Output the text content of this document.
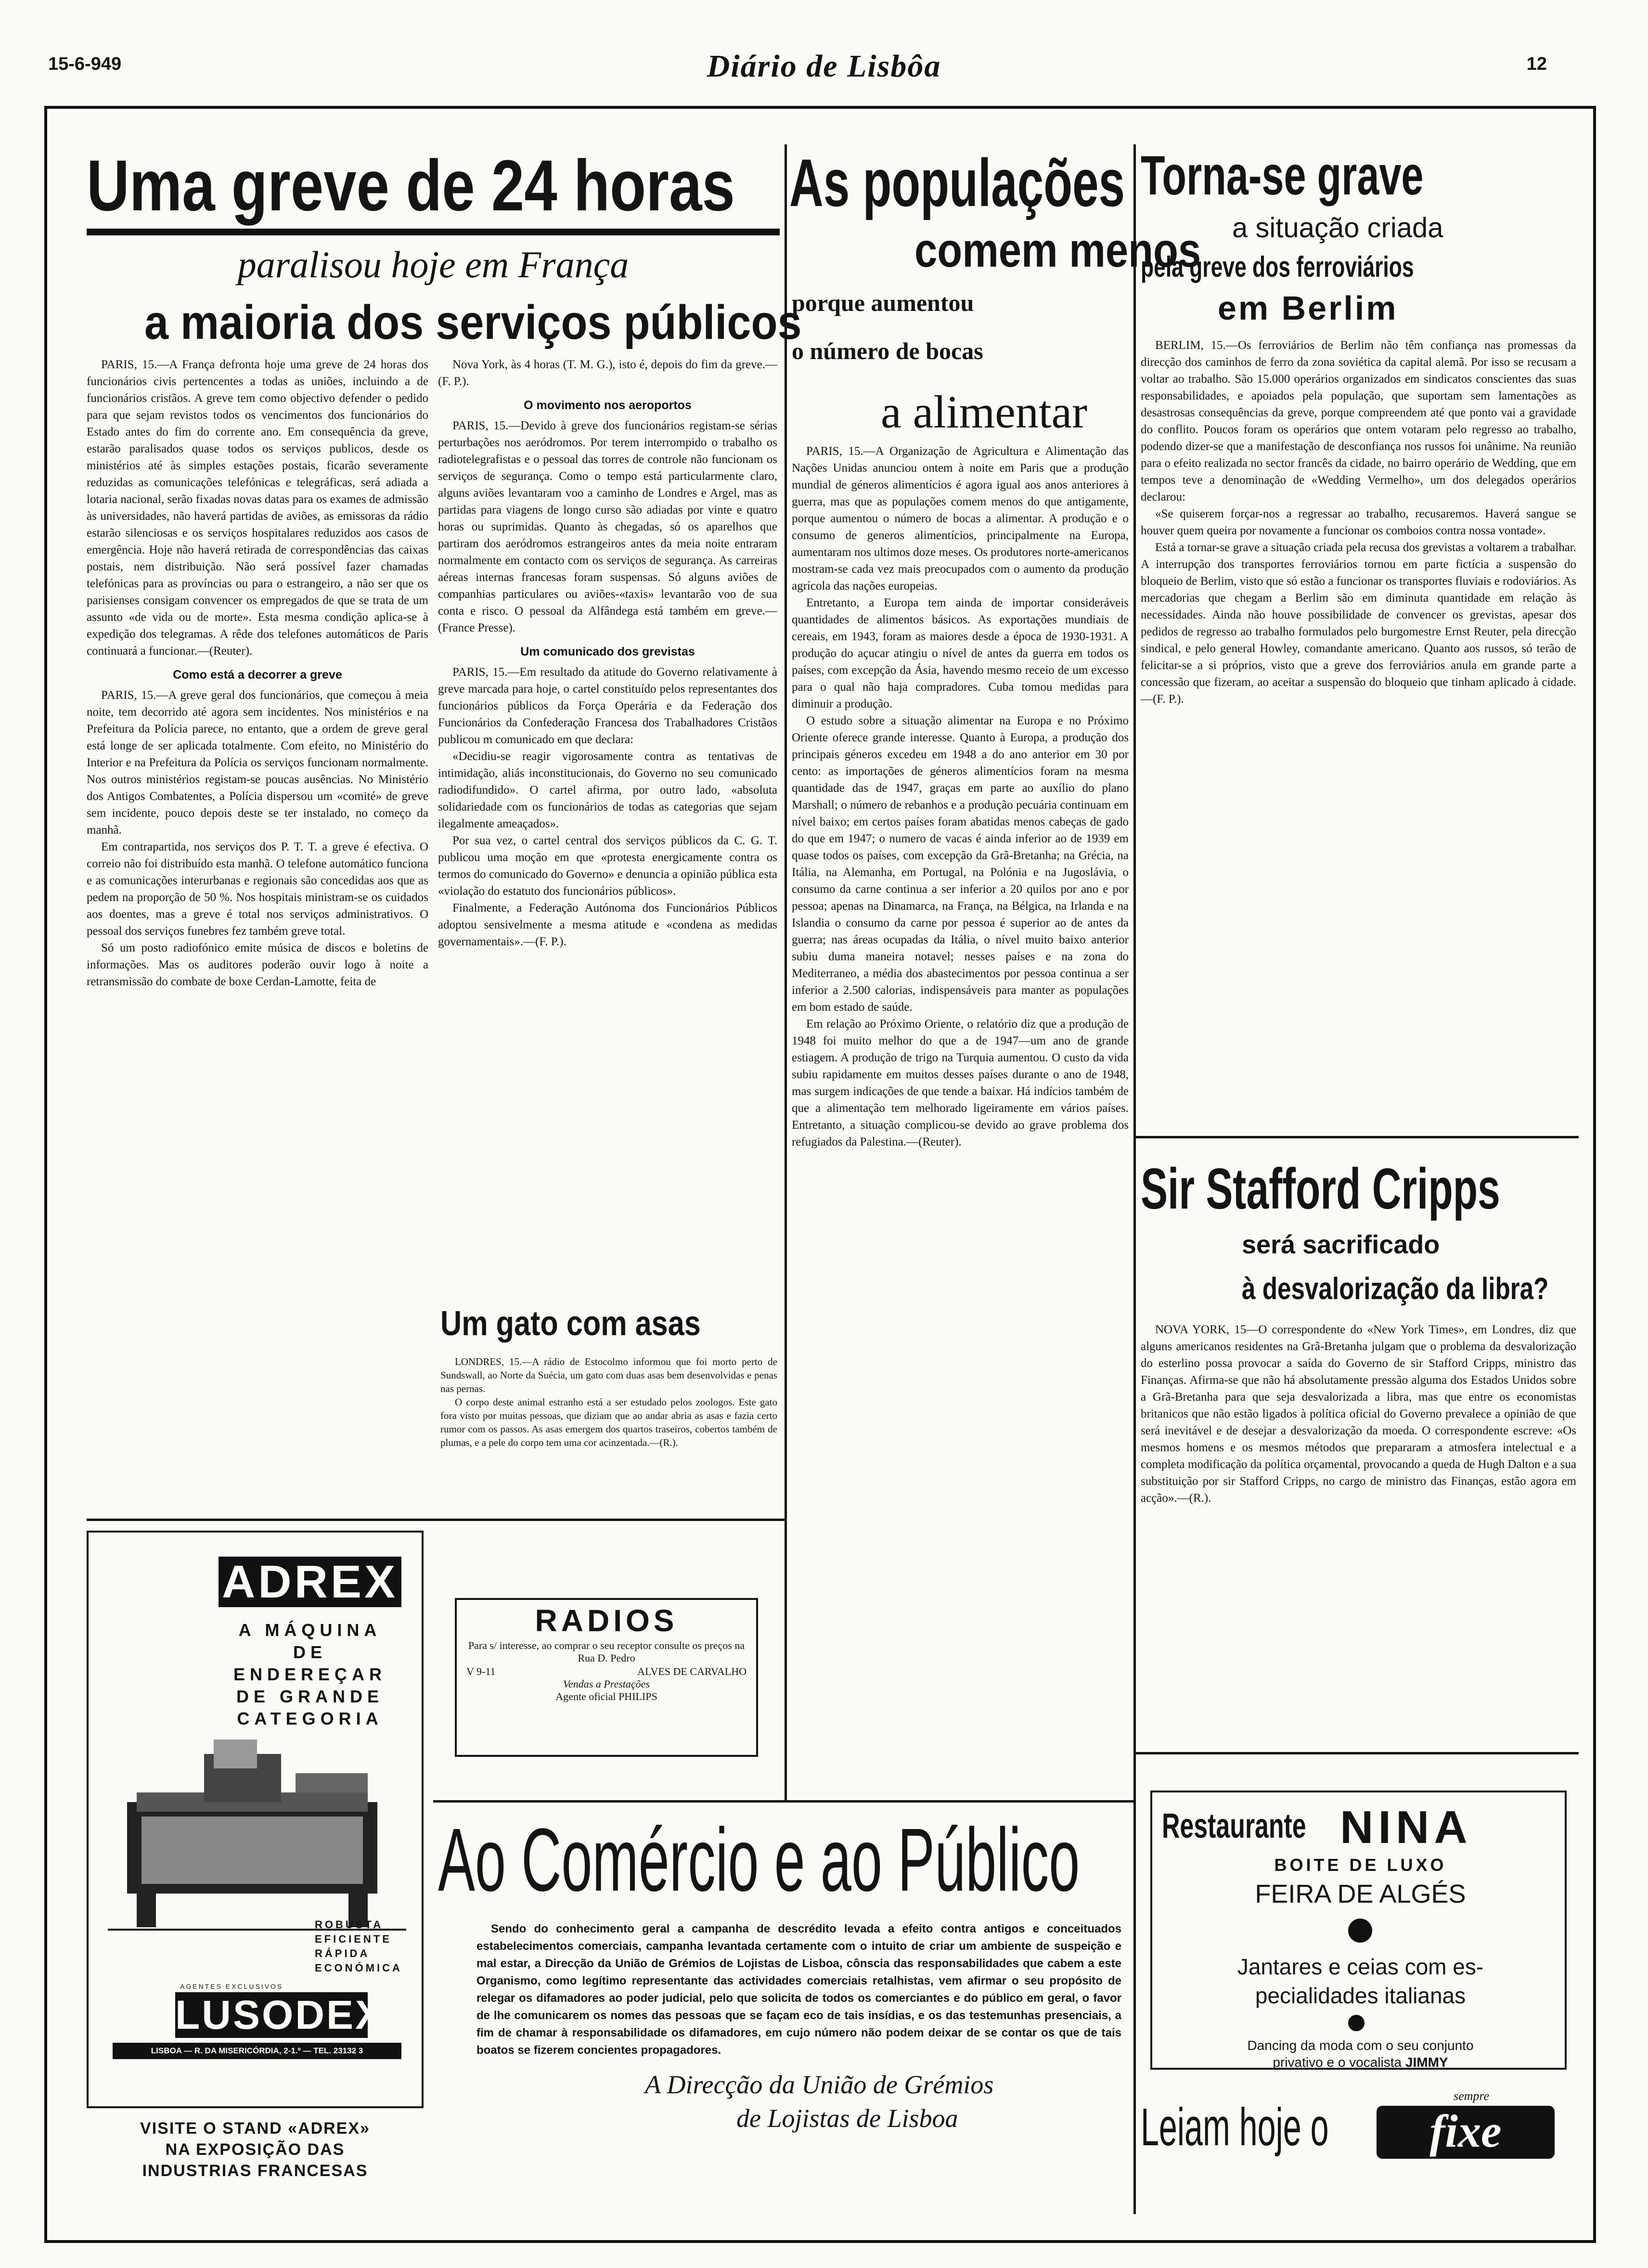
15-6-949	Diário de Lisbôa	12
Uma greve de 24 horas
paralisou hoje em França
a maioria dos serviços públicos

PARIS, 15.—A França defronta hoje uma greve de 24 horas dos funcionários civis pertencentes a todas as uniões, incluindo a de funcionários cristãos. A greve tem como objectivo defender o pedido para que sejam revistos todos os vencimentos dos funcionários do Estado antes do fim do corrente ano. Em consequência da greve, estarão paralisados quase todos os serviços publicos, desde os ministérios até às simples estações postais, ficarão severamente reduzidas as comunicações telefónicas e telegráficas, será adiada a lotaria nacional, serão fixadas novas datas para os exames de admissão às universidades, não haverá partidas de aviões, as emissoras da rádio estarão silenciosas e os serviços hospitalares reduzidos aos casos de emergência. Hoje não haverá retirada de correspondências das caixas postais, nem distribuição. Não será possível fazer chamadas telefónicas para as províncias ou para o estrangeiro, a não ser que os parisienses consigam convencer os empregados de que se trata de um assunto «de vida ou de morte». Esta mesma condição aplica-se à expedição dos telegramas. A rêde dos telefones automáticos de Paris continuará a funcionar.—(Reuter).

Como está a decorrer a greve

PARIS, 15.—A greve geral dos funcionários, que começou à meia noite, tem decorrido até agora sem incidentes. Nos ministérios e na Prefeitura da Polícia parece, no entanto, que a ordem de greve geral está longe de ser aplicada totalmente. Com efeito, no Ministério do Interior e na Prefeitura da Polícia os serviços funcionam normalmente. Nos outros ministérios registam-se poucas ausências. No Ministério dos Antigos Combatentes, a Polícia dispersou um «comité» de greve sem incidente, pouco depois deste se ter instalado, no começo da manhã.

Em contrapartida, nos serviços dos P. T. T. a greve é efectiva. O correio não foi distribuído esta manhã. O telefone automático funciona e as comunicações interurbanas e regionais são concedidas aos que as pedem na proporção de 50 %. Nos hospitais ministram-se os cuidados aos doentes, mas a greve é total nos serviços administrativos. O pessoal dos serviços funebres fez também greve total.

Só um posto radiofónico emite música de discos e boletins de informações. Mas os auditores poderão ouvir logo à noite a retransmissão do combate de boxe Cerdan-Lamotte, feita de

Nova York, às 4 horas (T. M. G.), isto é, depois do fim da greve.—(F. P.).

O movimento nos aeroportos

PARIS, 15.—Devido à greve dos funcionários registam-se sérias perturbações nos aeródromos. Por terem interrompido o trabalho os radiotelegrafistas e o pessoal das torres de controle não funcionam os serviços de segurança. Como o tempo está particularmente claro, alguns aviões levantaram voo a caminho de Londres e Argel, mas as partidas para viagens de longo curso são adiadas por vinte e quatro horas ou suprimidas. Quanto às chegadas, só os aparelhos que partiram dos aeródromos estrangeiros antes da meia noite entraram normalmente em contacto com os serviços de segurança. As carreiras aéreas internas francesas foram suspensas. Só alguns aviões de companhias particulares ou aviões-«taxis» levantarão voo de sua conta e risco. O pessoal da Alfândega está também em greve.—(France Presse).

Um comunicado dos grevistas

PARIS, 15.—Em resultado da atitude do Governo relativamente à greve marcada para hoje, o cartel constituído pelos representantes dos funcionários públicos da Força Operária e da Federação dos Funcionários da Confederação Francesa dos Trabalhadores Cristãos publicou m comunicado em que declara:

«Decidiu-se reagir vigorosamente contra as tentativas de intimidação, aliás inconstitucionais, do Governo no seu comunicado radiodifundido». O cartel afirma, por outro lado, «absoluta solidariedade com os funcionários de todas as categorias que sejam ilegalmente ameaçados».

Por sua vez, o cartel central dos serviços públicos da C. G. T. publicou uma moção em que «protesta energicamente contra os termos do comunicado do Governo» e denuncia a opinião pública esta «violação do estatuto dos funcionários públicos».

Finalmente, a Federação Autónoma dos Funcionários Públicos adoptou sensivelmente a mesma atitude e «condena as medidas governamentais».—(F. P.).

Um gato com asas

LONDRES, 15.—A rádio de Estocolmo informou que foi morto perto de Sundswall, ao Norte da Suécia, um gato com duas asas bem desenvolvidas e penas nas pernas.

O corpo deste animal estranho está a ser estudado pelos zoologos. Este gato fora visto por muitas pessoas, que diziam que ao andar abria as asas e fazia certo rumor com os passos. As asas emergem dos quartos traseiros, cobertos também de plumas, e a pele do corpo tem uma cor acinzentada.—(R.).

RADIOS
Para s/ interesse, ao comprar o seu receptor consulte os preços na Rua D. Pedro
V 9-11	ALVES DE CARVALHO
Vendas a Prestações
Agente oficial PHILIPS
As populações
comem menos
porque aumentou
o número de bocas
a alimentar

PARIS, 15.—A Organização de Agricultura e Alimentação das Nações Unidas anunciou ontem à noite em Paris que a produção mundial de géneros alimentícios é agora igual aos anos anteriores à guerra, mas que as populações comem menos do que antigamente, porque aumentou o número de bocas a alimentar. A produção e o consumo de generos alimentícios, principalmente na Europa, aumentaram nos ultimos doze meses. Os produtores norte-americanos mostram-se cada vez mais preocupados com o aumento da produção agrícola das nações europeias.

Entretanto, a Europa tem ainda de importar consideráveis quantidades de alimentos básicos. As exportações mundiais de cereais, em 1943, foram as maiores desde a época de 1930-1931. A produção do açucar atingiu o nível de antes da guerra em todos os países, com excepção da Ásia, havendo mesmo receio de um excesso para o qual não haja compradores. Cuba tomou medidas para diminuir a produção.

O estudo sobre a situação alimentar na Europa e no Próximo Oriente oferece grande interesse. Quanto à Europa, a produção dos principais géneros excedeu em 1948 a do ano anterior em 30 por cento: as importações de géneros alimentícios foram na mesma quantidade das de 1947, graças em parte ao auxílio do plano Marshall; o número de rebanhos e a produção pecuária continuam em nível baixo; em certos países foram abatidas menos cabeças de gado do que em 1947; o numero de vacas é ainda inferior ao de 1939 em quase todos os países, com excepção da Grã-Bretanha; na Grécia, na Itália, na Alemanha, em Portugal, na Polónia e na Jugoslávia, o consumo da carne continua a ser inferior a 20 quilos por ano e por pessoa; apenas na Dinamarca, na França, na Bélgica, na Irlanda e na Islandia o consumo da carne por pessoa é superior ao de antes da guerra; nas áreas ocupadas da Itália, o nível muito baixo anterior subiu duma maneira notavel; nesses países e na zona do Mediterraneo, a média dos abastecimentos por pessoa continua a ser inferior a 2.500 calorias, indispensáveis para manter as populações em bom estado de saúde.

Em relação ao Próximo Oriente, o relatório diz que a produção de 1948 foi muito melhor do que a de 1947—um ano de grande estiagem. A produção de trigo na Turquia aumentou. O custo da vida subiu rapidamente em muitos desses países durante o ano de 1948, mas surgem indicações de que tende a baixar. Há indícios também de que a alimentação tem melhorado ligeiramente em vários países. Entretanto, a situação complicou-se devido ao grave problema dos refugiados da Palestina.—(Reuter).

Torna-se grave
a situação criada
pela greve dos ferroviários
em Berlim

BERLIM, 15.—Os ferroviários de Berlim não têm confiança nas promessas da direcção dos caminhos de ferro da zona soviética da capital alemã. Por isso se recusam a voltar ao trabalho. São 15.000 operários organizados em sindicatos conscientes das suas responsabilidades, e apoiados pela população, que suportam sem lamentações as desastrosas consequências da greve, porque compreendem até que ponto vai a gravidade do conflito. Poucos foram os operários que ontem votaram pelo regresso ao trabalho, podendo dizer-se que a manifestação de desconfiança nos russos foi unânime. Na reunião para o efeito realizada no sector francês da cidade, no bairro operário de Wedding, que em tempos teve a denominação de «Wedding Vermelho», um dos delegados operários declarou:

«Se quiserem forçar-nos a regressar ao trabalho, recusaremos. Haverá sangue se houver quem queira por novamente a funcionar os comboios contra nossa vontade».

Está a tornar-se grave a situação criada pela recusa dos grevistas a voltarem a trabalhar. A interrupção dos transportes ferroviários tornou em parte fictícia a suspensão do bloqueio de Berlim, visto que só estão a funcionar os transportes fluviais e rodoviários. As mercadorias que chegam a Berlim são em diminuta quantidade em relação às necessidades. Ainda não houve possibilidade de convencer os grevistas, apesar dos pedidos de regresso ao trabalho formulados pelo burgomestre Ernst Reuter, pela direcção sindical, e pelo general Howley, comandante americano. Quanto aos russos, só terão de felicitar-se a si próprios, visto que a greve dos ferroviários anula em grande parte a concessão que fizeram, ao aceitar a suspensão do bloqueio que tinham aplicado à cidade.—(F. P.).

Sir Stafford Cripps
será sacrificado
à desvalorização da libra?

NOVA YORK, 15—O correspondente do «New York Times», em Londres, diz que alguns americanos residentes na Grã-Bretanha julgam que o problema da desvalorização do esterlino possa provocar a saída do Governo de sir Stafford Cripps, ministro das Finanças. Afirma-se que não há absolutamente pressão alguma dos Estados Unidos sobre a Grã-Bretanha para que seja desvalorizada a libra, mas que entre os economistas britanicos que não estão ligados à política oficial do Governo prevalece a opinião de que será inevitável e de desejar a desvalorização da moeda. O correspondente escreve: «Os mesmos homens e os mesmos métodos que prepararam a atmosfera intelectual e a completa modificação da política orçamental, provocando a queda de Hugh Dalton e a sua substituição por sir Stafford Cripps, no cargo de ministro das Finanças, estão agora em acção».—(R.).

ADREX
A MÁQUINA
DE ENDEREÇAR
DE GRANDE
CATEGORIA
ROBUSTA
EFICIENTE
RÁPIDA
ECONÓMICA
AGENTES EXCLUSIVOS
LUSODEX
LISBOA — R. DA MISERICÓRDIA, 2-1.º — TEL. 23132 3
VISITE O STAND «ADREX»
NA EXPOSIÇÃO DAS
INDUSTRIAS FRANCESAS
Ao Comércio e ao Público
Sendo do conhecimento geral a campanha de descrédito levada a efeito contra antigos e conceituados estabelecimentos comerciais, campanha levantada certamente com o intuito de criar um ambiente de suspeição e mal estar, a Direcção da União de Grémios de Lojistas de Lisboa, cônscia das responsabilidades que cabem a este Organismo, como legítimo representante das actividades comerciais retalhistas, vem afirmar o seu propósito de relegar os difamadores ao poder judicial, pelo que solicita de todos os comerciantes e do público em geral, o favor de lhe comunicarem os nomes das pessoas que se façam eco de tais insídias, e os das testemunhas presenciais, a fim de chamar à responsabilidade os difamadores, em cujo número não podem deixar de se contar os que de tais boatos se fizerem concientes propagadores.
A Direcção da União de Grémios
de Lojistas de Lisboa
Restaurante NINA
BOITE DE LUXO
FEIRA DE ALGÉS
Jantares e ceias com es-
pecialidades italianas
Dancing da moda com o seu conjunto
privativo e o vocalista JIMMY
Leiam hoje o
sempre
fixe
